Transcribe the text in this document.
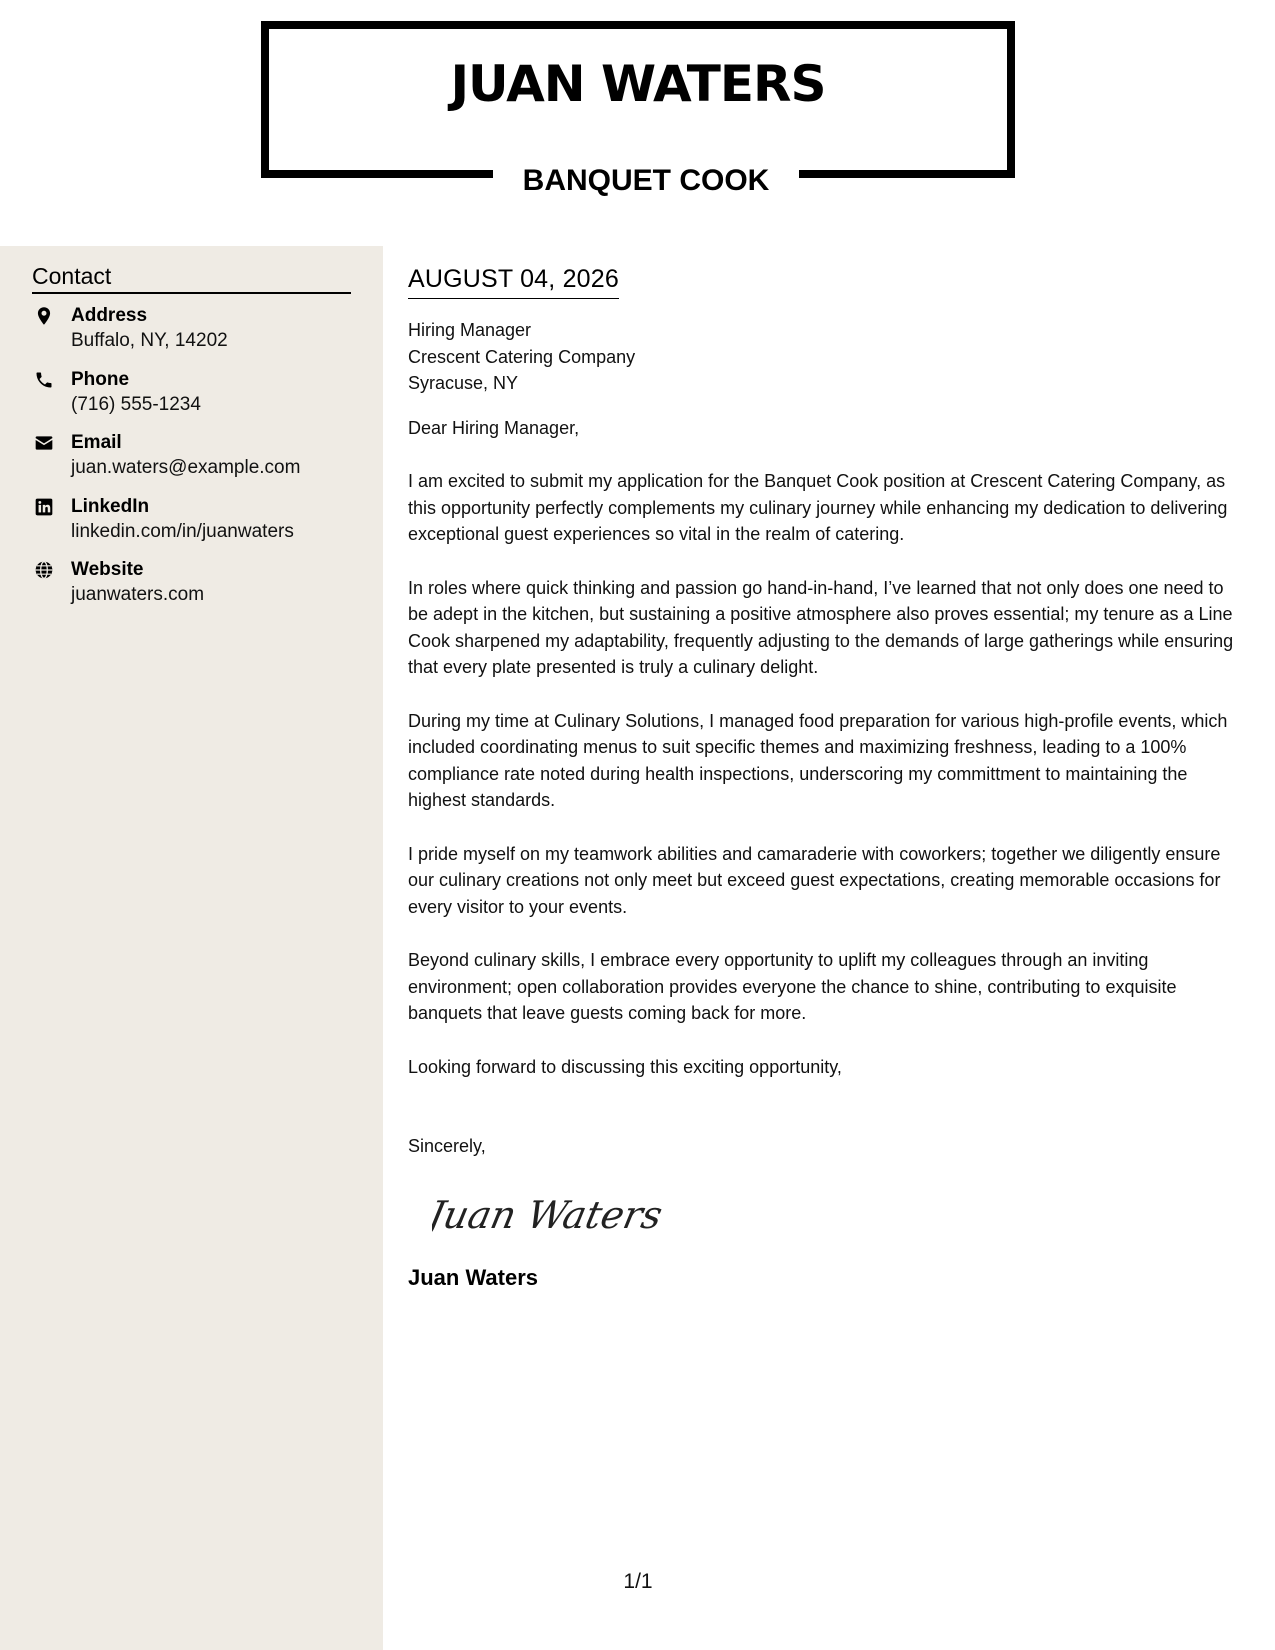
JUAN WATERS
BANQUET COOK
Contact
Address
Buffalo, NY, 14202
Phone
(716) 555-1234
Email
juan.waters@example.com
LinkedIn
linkedin.com/in/juanwaters
Website
juanwaters.com
AUGUST 04, 2026
Hiring Manager
Crescent Catering Company
Syracuse, NY
Dear Hiring Manager,
I am excited to submit my application for the Banquet Cook position at Crescent Catering Company, as this opportunity perfectly complements my culinary journey while enhancing my dedication to delivering exceptional guest experiences so vital in the realm of catering.
In roles where quick thinking and passion go hand-in-hand, I’ve learned that not only does one need to be adept in the kitchen, but sustaining a positive atmosphere also proves essential; my tenure as a Line Cook sharpened my adaptability, frequently adjusting to the demands of large gatherings while ensuring that every plate presented is truly a culinary delight.
During my time at Culinary Solutions, I managed food preparation for various high-profile events, which included coordinating menus to suit specific themes and maximizing freshness, leading to a 100% compliance rate noted during health inspections, underscoring my committment to maintaining the highest standards.
I pride myself on my teamwork abilities and camaraderie with coworkers; together we diligently ensure our culinary creations not only meet but exceed guest expectations, creating memorable occasions for every visitor to your events.
Beyond culinary skills, I embrace every opportunity to uplift my colleagues through an inviting environment; open collaboration provides everyone the chance to shine, contributing to exquisite banquets that leave guests coming back for more.
Looking forward to discussing this exciting opportunity,
Sincerely,
Juan Waters
Juan Waters
1/1
